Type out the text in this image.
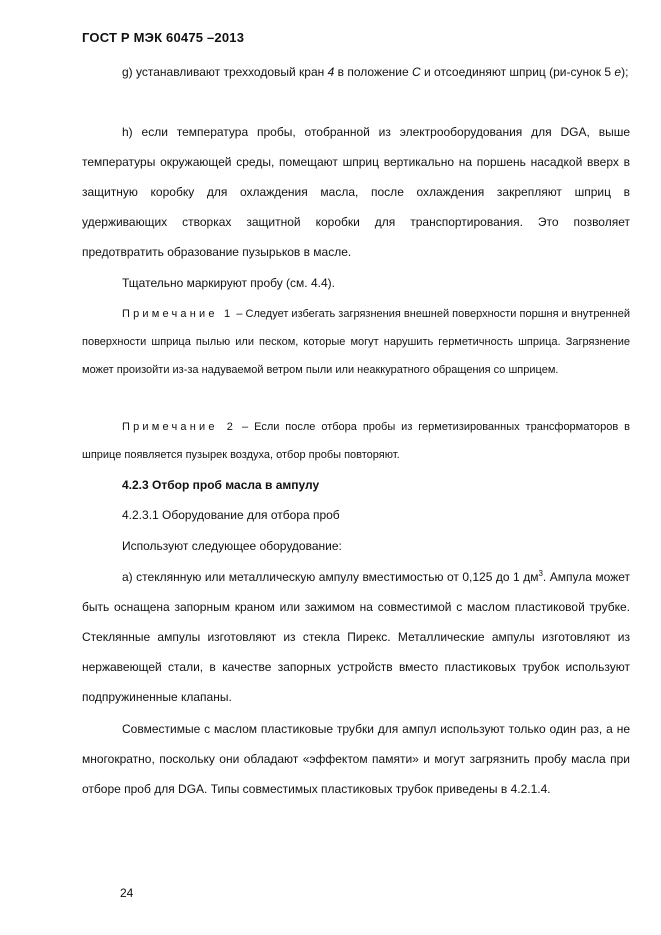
ГОСТ Р МЭК 60475 –2013

g) устанавливают трехходовый кран 4 в положение C и отсоединяют шприц (ри-сунок 5 e);

h) если температура пробы, отобранной из электрооборудования для DGA, выше температуры окружающей среды, помещают шприц вертикально на поршень насадкой вверх в защитную коробку для охлаждения масла, после охлаждения закрепляют шприц в удерживающих створках защитной коробки для транспортирования. Это позволяет предотвратить образование пузырьков в масле.

Тщательно маркируют пробу (см. 4.4).

Примечание 1 – Следует избегать загрязнения внешней поверхности поршня и внутренней поверхности шприца пылью или песком, которые могут нарушить герметичность шприца. Загрязнение может произойти из-за надуваемой ветром пыли или неаккуратного обращения со шприцем.

Примечание 2 – Если после отбора пробы из герметизированных трансформаторов в шприце появляется пузырек воздуха, отбор пробы повторяют.

4.2.3 Отбор проб масла в ампулу

4.2.3.1 Оборудование для отбора проб

Используют следующее оборудование:

a) стеклянную или металлическую ампулу вместимостью от 0,125 до 1 $дм^3$. Ампула может быть оснащена запорным краном или зажимом на совместимой с маслом пластиковой трубке. Стеклянные ампулы изготовляют из стекла Пирекс. Металлические ампулы изготовляют из нержавеющей стали, в качестве запорных устройств вместо пластиковых трубок используют подпружиненные клапаны.

Совместимые с маслом пластиковые трубки для ампул используют только один раз, а не многократно, поскольку они обладают «эффектом памяти» и могут загрязнить пробу масла при отборе проб для DGA. Типы совместимых пластиковых трубок приведены в 4.2.1.4.

24
